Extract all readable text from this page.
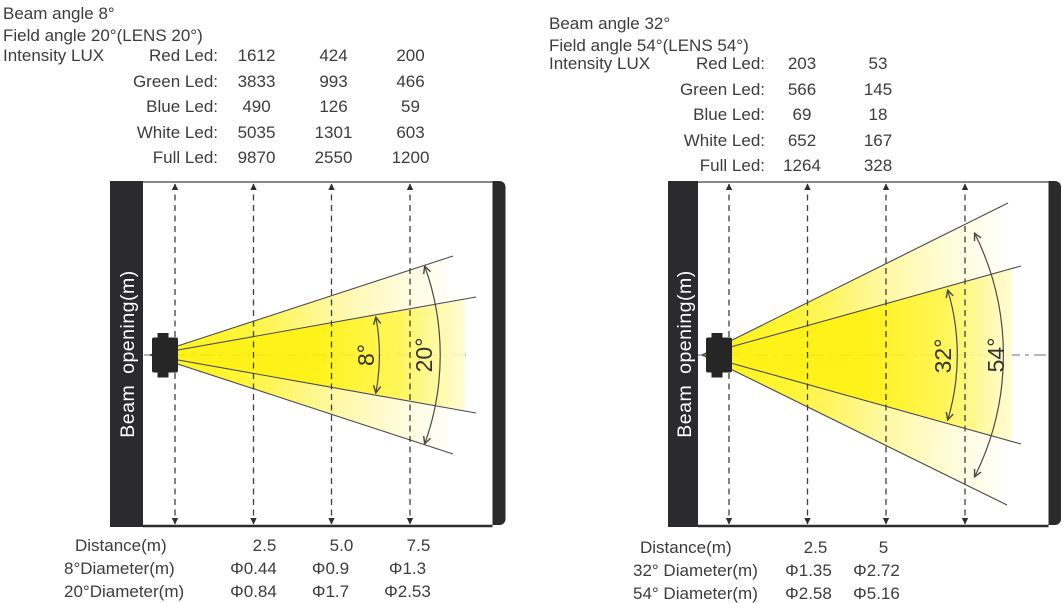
8° 20°
Beam opening(m)	32° 54°
Beam opening(m)
Beam angle 8°
Field angle 20°(LENS 20°)
Intensity LUX	Red Led:	1612	424	200
Green Led:	3833	993	466
Blue Led:	490	126	59
White Led:	5035	1301	603
Full Led:	9870	2550	1200
Beam angle 32°
Field angle 54°(LENS 54°)
Intensity LUX	Red Led:	203	53
Green Led:	566	145
Blue Led:	69	18
White Led:	652	167
Full Led:	1264	328
Distance(m)	2.5	5.0	7.5
8°Diameter(m)	Φ0.44	Φ0.9	Φ1.3
20°Diameter(m)	Φ0.84	Φ1.7	Φ2.53
Distance(m)	2.5	5
32° Diameter(m)	Φ1.35	Φ2.72
54° Diameter(m)	Φ2.58	Φ5.16
